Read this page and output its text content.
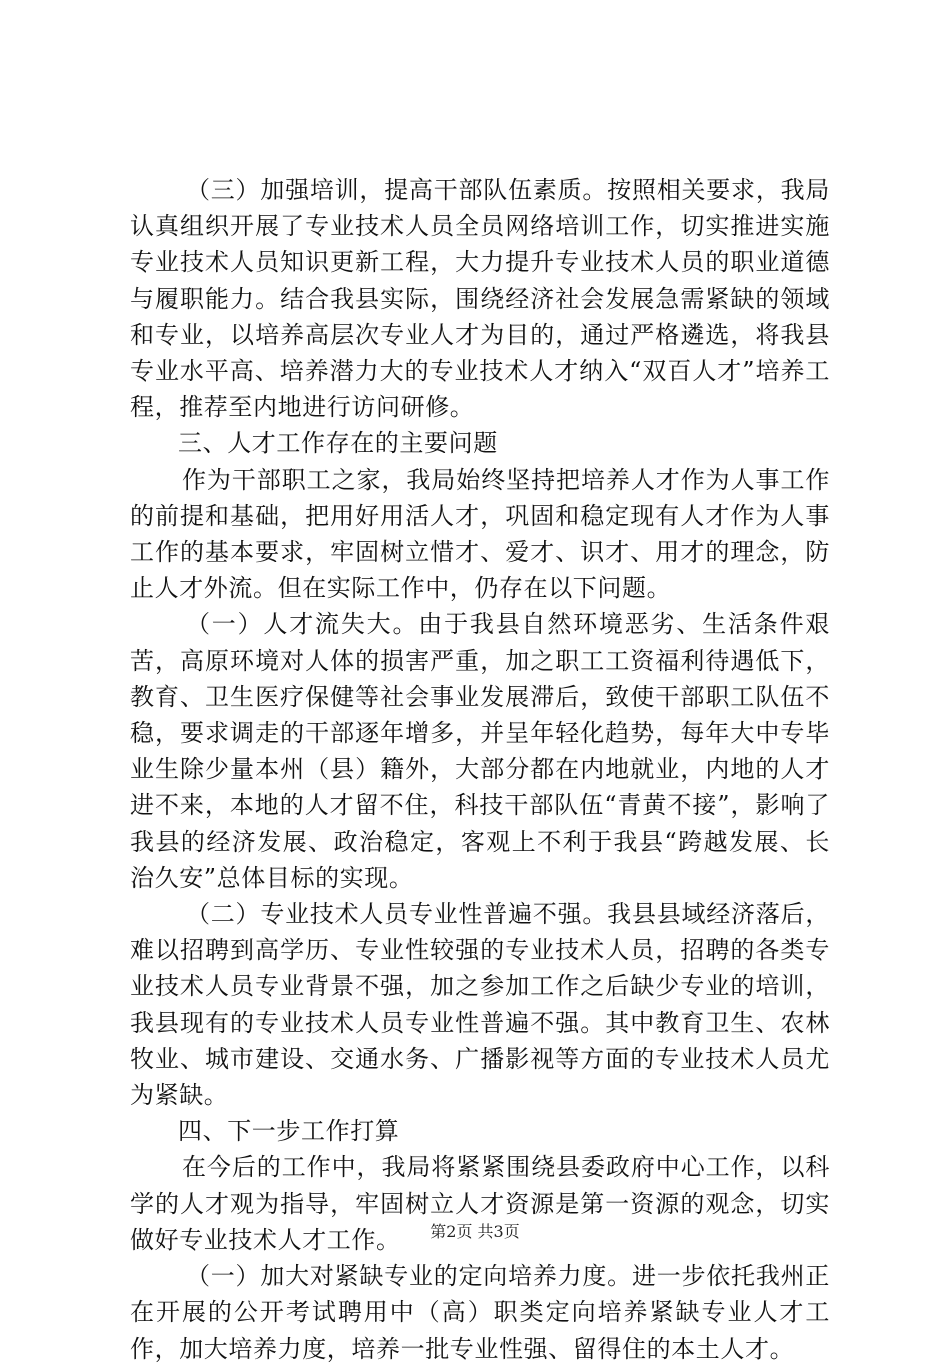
（三）加强培训，提高干部队伍素质。按照相关要求，我局认真组织开展了专业技术人员全员网络培训工作，切实推进实施专业技术人员知识更新工程，大力提升专业技术人员的职业道德与履职能力。结合我县实际，围绕经济社会发展急需紧缺的领域和专业，以培养高层次专业人才为目的，通过严格遴选，将我县专业水平高、培养潜力大的专业技术人才纳入“双百人才”培养工程，推荐至内地进行访问研修。

三、人才工作存在的主要问题

作为干部职工之家，我局始终坚持把培养人才作为人事工作的前提和基础，把用好用活人才，巩固和稳定现有人才作为人事工作的基本要求，牢固树立惜才、爱才、识才、用才的理念，防止人才外流。但在实际工作中，仍存在以下问题。

（一）人才流失大。由于我县自然环境恶劣、生活条件艰苦，高原环境对人体的损害严重，加之职工工资福利待遇低下，教育、卫生医疗保健等社会事业发展滞后，致使干部职工队伍不稳，要求调走的干部逐年增多，并呈年轻化趋势，每年大中专毕业生除少量本州（县）籍外，大部分都在内地就业，内地的人才进不来，本地的人才留不住，科技干部队伍“青黄不接”，影响了我县的经济发展、政治稳定，客观上不利于我县“跨越发展、长治久安”总体目标的实现。

（二）专业技术人员专业性普遍不强。我县县域经济落后，难以招聘到高学历、专业性较强的专业技术人员，招聘的各类专业技术人员专业背景不强，加之参加工作之后缺少专业的培训，我县现有的专业技术人员专业性普遍不强。其中教育卫生、农林牧业、城市建设、交通水务、广播影视等方面的专业技术人员尤为紧缺。

四、下一步工作打算

在今后的工作中，我局将紧紧围绕县委政府中心工作，以科学的人才观为指导，牢固树立人才资源是第一资源的观念，切实做好专业技术人才工作。

（一）加大对紧缺专业的定向培养力度。进一步依托我州正在开展的公开考试聘用中（高）职类定向培养紧缺专业人才工作，加大培养力度，培养一批专业性强、留得住的本土人才。

第2页 共3页
